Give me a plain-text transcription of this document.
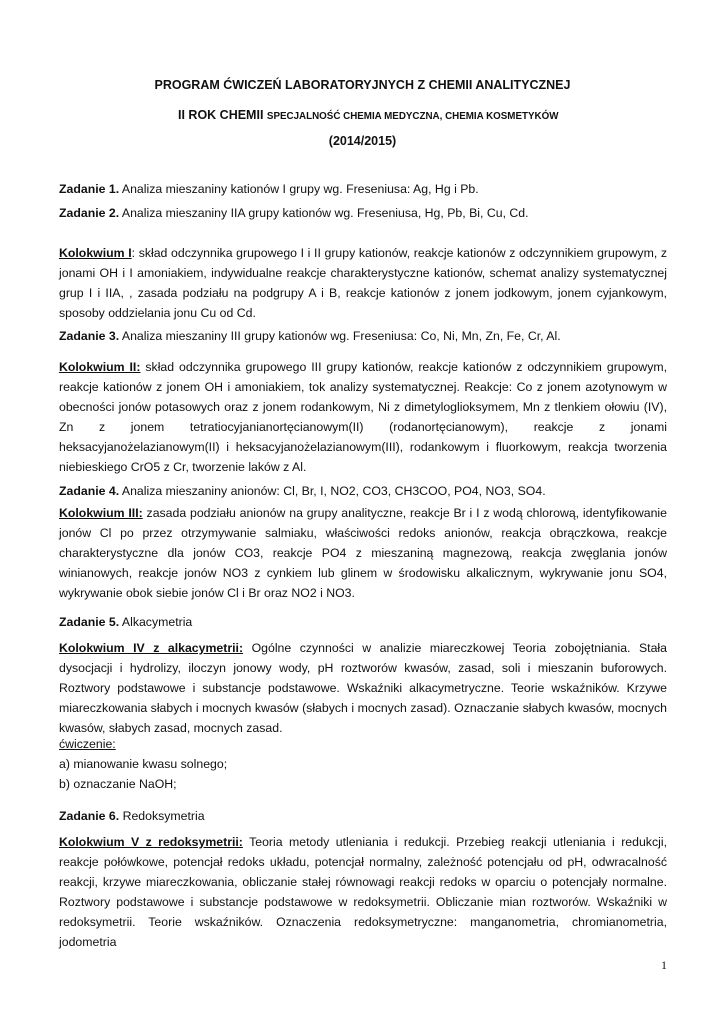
PROGRAM ĆWICZEŃ LABORATORYJNYCH Z CHEMII ANALITYCZNEJ
II ROK CHEMII SPECJALNOŚĆ CHEMIA MEDYCZNA, CHEMIA KOSMETYKÓW
(2014/2015)
Zadanie 1. Analiza mieszaniny kationów I grupy wg. Freseniusa: Ag, Hg i Pb.
Zadanie 2. Analiza mieszaniny IIA grupy kationów wg. Freseniusa, Hg, Pb, Bi, Cu, Cd.
Kolokwium I: skład odczynnika grupowego I i II grupy kationów, reakcje kationów z odczynnikiem grupowym, z jonami OH i I amoniakiem, indywidualne reakcje charakterystyczne kationów, schemat analizy systematycznej grup I i IIA, , zasada podziału na podgrupy A i B, reakcje kationów z jonem jodkowym, jonem cyjankowym, sposoby oddzielania jonu Cu od Cd.
Zadanie 3. Analiza mieszaniny III grupy kationów wg. Freseniusa: Co, Ni, Mn, Zn, Fe, Cr, Al.
Kolokwium II: skład odczynnika grupowego III grupy kationów, reakcje kationów z odczynnikiem grupowym, reakcje kationów z jonem OH i amoniakiem, tok analizy systematycznej. Reakcje: Co z jonem azotynowym w obecności jonów potasowych oraz z jonem rodankowym, Ni z dimetyloglioksymem, Mn z tlenkiem ołowiu (IV), Zn z jonem tetratiocyjanianortęcianowym(II) (rodanortęcianowym), reakcje z jonami heksacyjanożelazianowym(II) i heksacyjanożelazianowym(III), rodankowym i fluorkowym, reakcja tworzenia niebieskiego CrO5 z Cr, tworzenie laków z Al.
Zadanie 4. Analiza mieszaniny anionów: Cl, Br, I, NO2, CO3, CH3COO, PO4, NO3, SO4.
Kolokwium III: zasada podziału anionów na grupy analityczne, reakcje Br i I z wodą chlorową, identyfikowanie jonów Cl po przez otrzymywanie salmiaku, właściwości redoks anionów, reakcja obrączkowa, reakcje charakterystyczne dla jonów CO3, reakcje PO4 z mieszaniną magnezową, reakcja zwęglania jonów winianowych, reakcje jonów NO3 z cynkiem lub glinem w środowisku alkalicznym, wykrywanie jonu SO4, wykrywanie obok siebie jonów Cl i Br oraz NO2 i NO3.
Zadanie 5. Alkacymetria
Kolokwium IV z alkacymetrii: Ogólne czynności w analizie miareczkowej Teoria zobojętniania. Stała dysocjacji i hydrolizy, iloczyn jonowy wody, pH roztworów kwasów, zasad, soli i mieszanin buforowych. Roztwory podstawowe i substancje podstawowe. Wskaźniki alkacymetryczne. Teorie wskaźników. Krzywe miareczkowania słabych i mocnych kwasów (słabych i mocnych zasad). Oznaczanie słabych kwasów, mocnych kwasów, słabych zasad, mocnych zasad.
ćwiczenie:
a) mianowanie kwasu solnego;
b) oznaczanie NaOH;
Zadanie 6. Redoksymetria
Kolokwium V z redoksymetrii: Teoria metody utleniania i redukcji. Przebieg reakcji utleniania i redukcji, reakcje połówkowe, potencjał redoks układu, potencjał normalny, zależność potencjału od pH, odwracalność reakcji, krzywe miareczkowania, obliczanie stałej równowagi reakcji redoks w oparciu o potencjały normalne. Roztwory podstawowe i substancje podstawowe w redoksymetrii. Obliczanie mian roztworów. Wskaźniki w redoksymetrii. Teorie wskaźników. Oznaczenia redoksymetryczne: manganometria, chromianometria, jodometria
1
